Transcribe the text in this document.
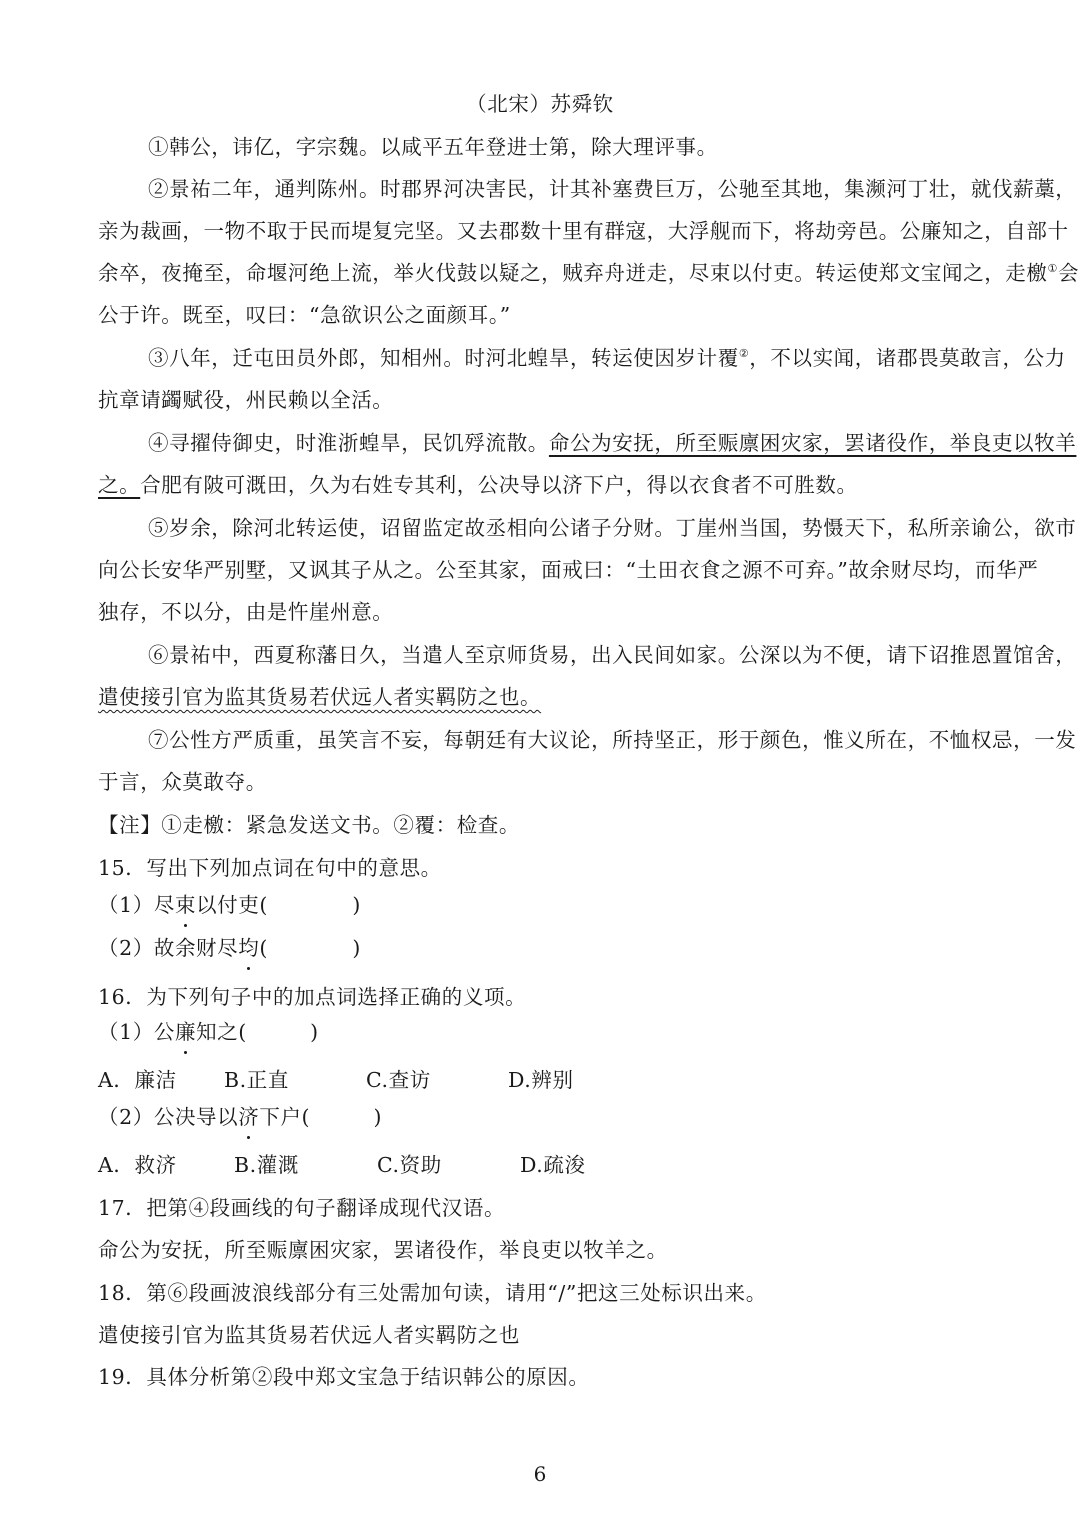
（北宋）苏舜钦
①韩公，讳亿，字宗魏。以咸平五年登进士第，除大理评事。
②景祐二年，通判陈州。时郡界河决害民，计其补塞费巨万，公驰至其地，集濒河丁壮，就伐薪藁，
亲为裁画，一物不取于民而堤复完坚。又去郡数十里有群寇，大浮舰而下，将劫旁邑。公廉知之，自部十
余卒，夜掩至，命堰河绝上流，举火伐鼓以疑之，贼弃舟迸走，尽束以付吏。转运使郑文宝闻之，走檄①会
公于许。既至，叹曰：“急欲识公之面颜耳。”
③八年，迁屯田员外郎，知相州。时河北蝗旱，转运使因岁计覆②，不以实闻，诸郡畏莫敢言，公力
抗章请蠲赋役，州民赖以全活。
④寻擢侍御史，时淮浙蝗旱，民饥殍流散。命公为安抚，所至赈廪困灾家，罢诸役作，举良吏以牧羊
之。合肥有陂可溉田，久为右姓专其利，公决导以济下户，得以衣食者不可胜数。
⑤岁余，除河北转运使，诏留监定故丞相向公诸子分财。丁崖州当国，势慑天下，私所亲谕公，欲市
向公长安华严别墅，又讽其子从之。公至其家，面戒曰：“土田衣食之源不可弃。”故余财尽均，而华严
独存，不以分，由是忤崖州意。
⑥景祐中，西夏称藩日久，当遣人至京师货易，出入民间如家。公深以为不便，请下诏推恩置馆舍，
遣使接引官为监其货易若伏远人者实羁防之也。
⑦公性方严质重，虽笑言不妄，每朝廷有大议论，所持坚正，形于颜色，惟义所在，不恤权忌，一发
于言，众莫敢夺。
【注】①走檄：紧急发送文书。②覆：检查。
15．写出下列加点词在句中的意思。
（1）尽束以付吏(　　　　)
（2）故余财尽均(　　　　)
16．为下列句子中的加点词选择正确的义项。
（1）公廉知之(　　　)
A．廉洁 B.正直	C.查访	D.辨别
（2）公决导以济下户(　　　)
A．救济	B.灌溉	C.资助	D.疏浚
17．把第④段画线的句子翻译成现代汉语。
命公为安抚，所至赈廪困灾家，罢诸役作，举良吏以牧羊之。
18．第⑥段画波浪线部分有三处需加句读，请用“/”把这三处标识出来。
遣使接引官为监其货易若伏远人者实羁防之也
19．具体分析第②段中郑文宝急于结识韩公的原因。
6
